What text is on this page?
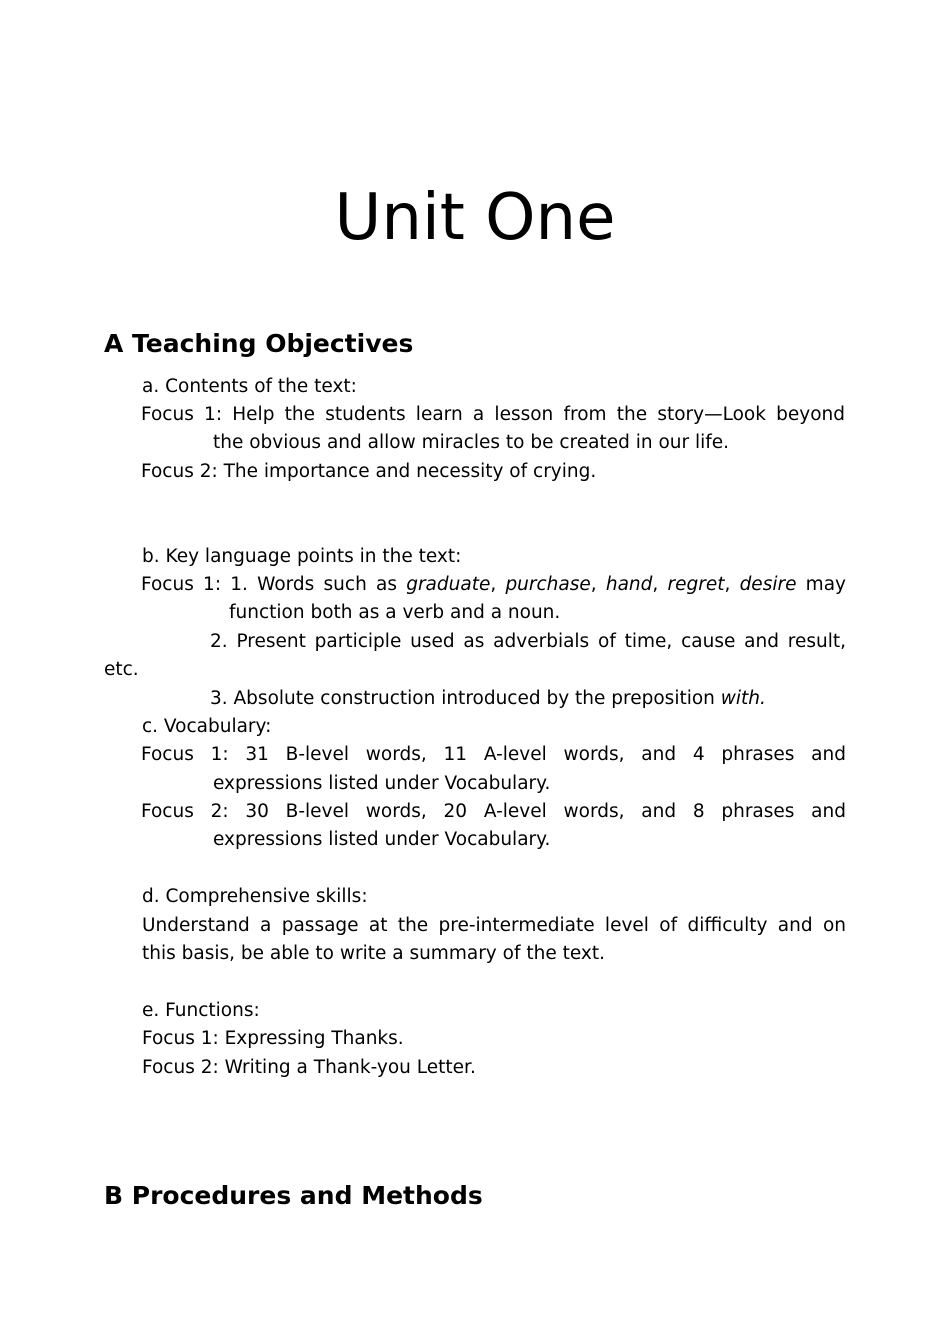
Unit One
A Teaching Objectives
a. Contents of the text:
Focus 1: Help the students learn a lesson from the story—Look beyond
the obvious and allow miracles to be created in our life.
Focus 2: The importance and necessity of crying.
b. Key language points in the text:
Focus 1: 1. Words such as graduate, purchase, hand, regret, desire may
function both as a verb and a noun.
2. Present participle used as adverbials of time, cause and result,
etc.
3. Absolute construction introduced by the preposition with.
c. Vocabulary:
Focus 1: 31 B-level words, 11 A-level words, and 4 phrases and
expressions listed under Vocabulary.
Focus 2: 30 B-level words, 20 A-level words, and 8 phrases and
expressions listed under Vocabulary.
d. Comprehensive skills:
Understand a passage at the pre-intermediate level of difficulty and on
this basis, be able to write a summary of the text.
e. Functions:
Focus 1: Expressing Thanks.
Focus 2: Writing a Thank-you Letter.
B Procedures and Methods
